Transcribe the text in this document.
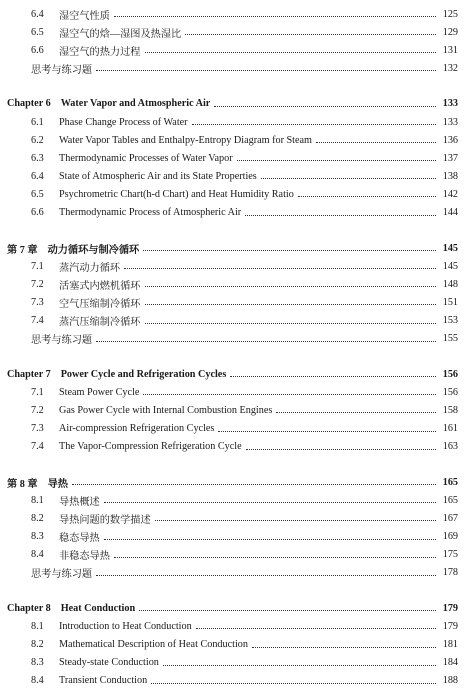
6.4	湿空气性质	125
6.5	湿空气的焓—湿图及热湿比	129
6.6	湿空气的热力过程	131
思考与练习题	132
Chapter 6 Water Vapor and Atmospheric Air	133
6.1	Phase Change Process of Water	133
6.2	Water Vapor Tables and Enthalpy-Entropy Diagram for Steam	136
6.3	Thermodynamic Processes of Water Vapor	137
6.4	State of Atmospheric Air and its State Properties	138
6.5	Psychrometric Chart(h-d Chart) and Heat Humidity Ratio	142
6.6	Thermodynamic Process of Atmospheric Air	144
第 7 章 动力循环与制冷循环	145
7.1	蒸汽动力循环	145
7.2	活塞式内燃机循环	148
7.3	空气压缩制冷循环	151
7.4	蒸汽压缩制冷循环	153
思考与练习题	155
Chapter 7 Power Cycle and Refrigeration Cycles	156
7.1	Steam Power Cycle	156
7.2	Gas Power Cycle with Internal Combustion Engines	158
7.3	Air-compression Refrigeration Cycles	161
7.4	The Vapor-Compression Refrigeration Cycle	163
第 8 章 导热	165
8.1	导热概述	165
8.2	导热问题的数学描述	167
8.3	稳态导热	169
8.4	非稳态导热	175
思考与练习题	178
Chapter 8 Heat Conduction	179
8.1	Introduction to Heat Conduction	179
8.2	Mathematical Description of Heat Conduction	181
8.3	Steady-state Conduction	184
8.4	Transient Conduction	188
